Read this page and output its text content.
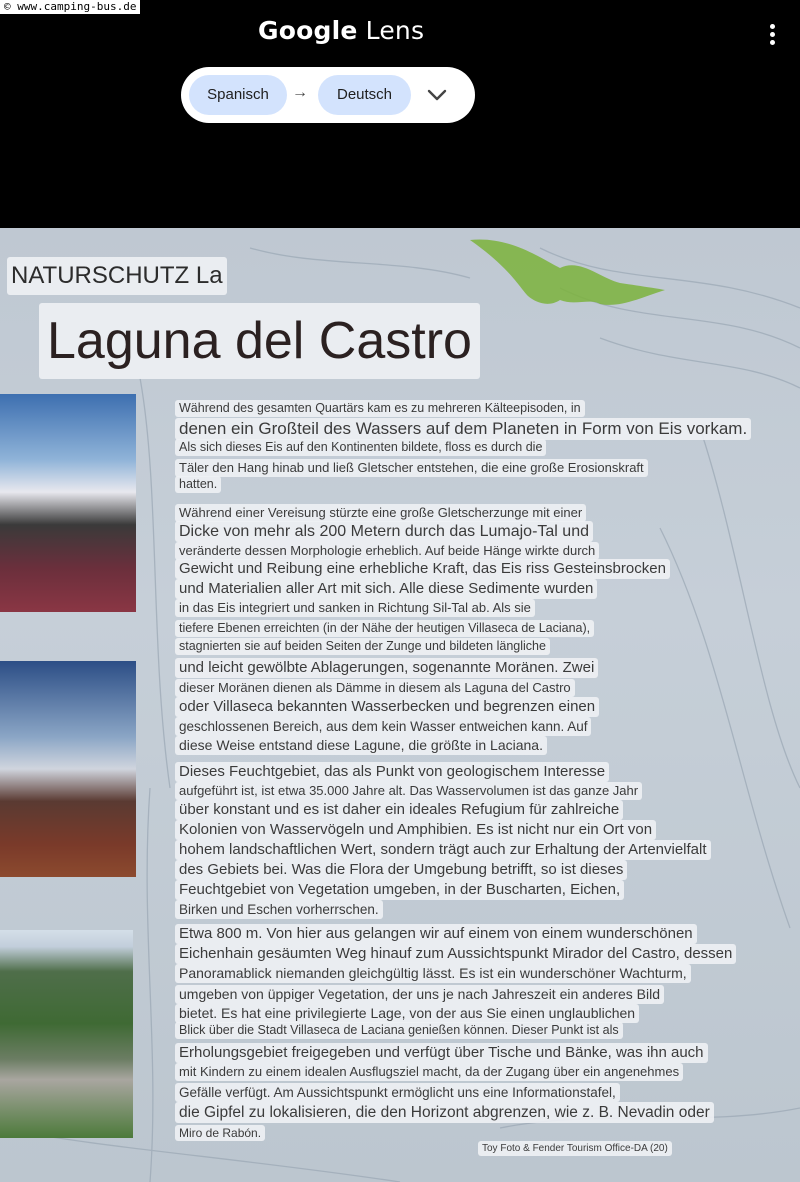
© www.camping-bus.de
Google Lens
Spanisch	→	Deutsch
NATURSCHUTZ La
Laguna del Castro
Während des gesamten Quartärs kam es zu mehreren Kälteepisoden, in
denen ein Großteil des Wassers auf dem Planeten in Form von Eis vorkam.
Als sich dieses Eis auf den Kontinenten bildete, floss es durch die
Täler den Hang hinab und ließ Gletscher entstehen, die eine große Erosionskraft
hatten.
Während einer Vereisung stürzte eine große Gletscherzunge mit einer
Dicke von mehr als 200 Metern durch das Lumajo-Tal und
veränderte dessen Morphologie erheblich. Auf beide Hänge wirkte durch
Gewicht und Reibung eine erhebliche Kraft, das Eis riss Gesteinsbrocken
und Materialien aller Art mit sich. Alle diese Sedimente wurden
in das Eis integriert und sanken in Richtung Sil-Tal ab. Als sie
tiefere Ebenen erreichten (in der Nähe der heutigen Villaseca de Laciana),
stagnierten sie auf beiden Seiten der Zunge und bildeten längliche
und leicht gewölbte Ablagerungen, sogenannte Moränen. Zwei
dieser Moränen dienen als Dämme in diesem als Laguna del Castro
oder Villaseca bekannten Wasserbecken und begrenzen einen
geschlossenen Bereich, aus dem kein Wasser entweichen kann. Auf
diese Weise entstand diese Lagune, die größte in Laciana.
Dieses Feuchtgebiet, das als Punkt von geologischem Interesse
aufgeführt ist, ist etwa 35.000 Jahre alt. Das Wasservolumen ist das ganze Jahr
über konstant und es ist daher ein ideales Refugium für zahlreiche
Kolonien von Wasservögeln und Amphibien. Es ist nicht nur ein Ort von
hohem landschaftlichen Wert, sondern trägt auch zur Erhaltung der Artenvielfalt
des Gebiets bei. Was die Flora der Umgebung betrifft, so ist dieses
Feuchtgebiet von Vegetation umgeben, in der Buscharten, Eichen,
Birken und Eschen vorherrschen.
Etwa 800 m. Von hier aus gelangen wir auf einem von einem wunderschönen
Eichenhain gesäumten Weg hinauf zum Aussichtspunkt Mirador del Castro, dessen
Panoramablick niemanden gleichgültig lässt. Es ist ein wunderschöner Wachturm,
umgeben von üppiger Vegetation, der uns je nach Jahreszeit ein anderes Bild
bietet. Es hat eine privilegierte Lage, von der aus Sie einen unglaublichen
Blick über die Stadt Villaseca de Laciana genießen können. Dieser Punkt ist als
Erholungsgebiet freigegeben und verfügt über Tische und Bänke, was ihn auch
mit Kindern zu einem idealen Ausflugsziel macht, da der Zugang über ein angenehmes
Gefälle verfügt. Am Aussichtspunkt ermöglicht uns eine Informationstafel,
die Gipfel zu lokalisieren, die den Horizont abgrenzen, wie z. B. Nevadin oder
Miro de Rabón.
Toy Foto & Fender Tourism Office-DA (20)
